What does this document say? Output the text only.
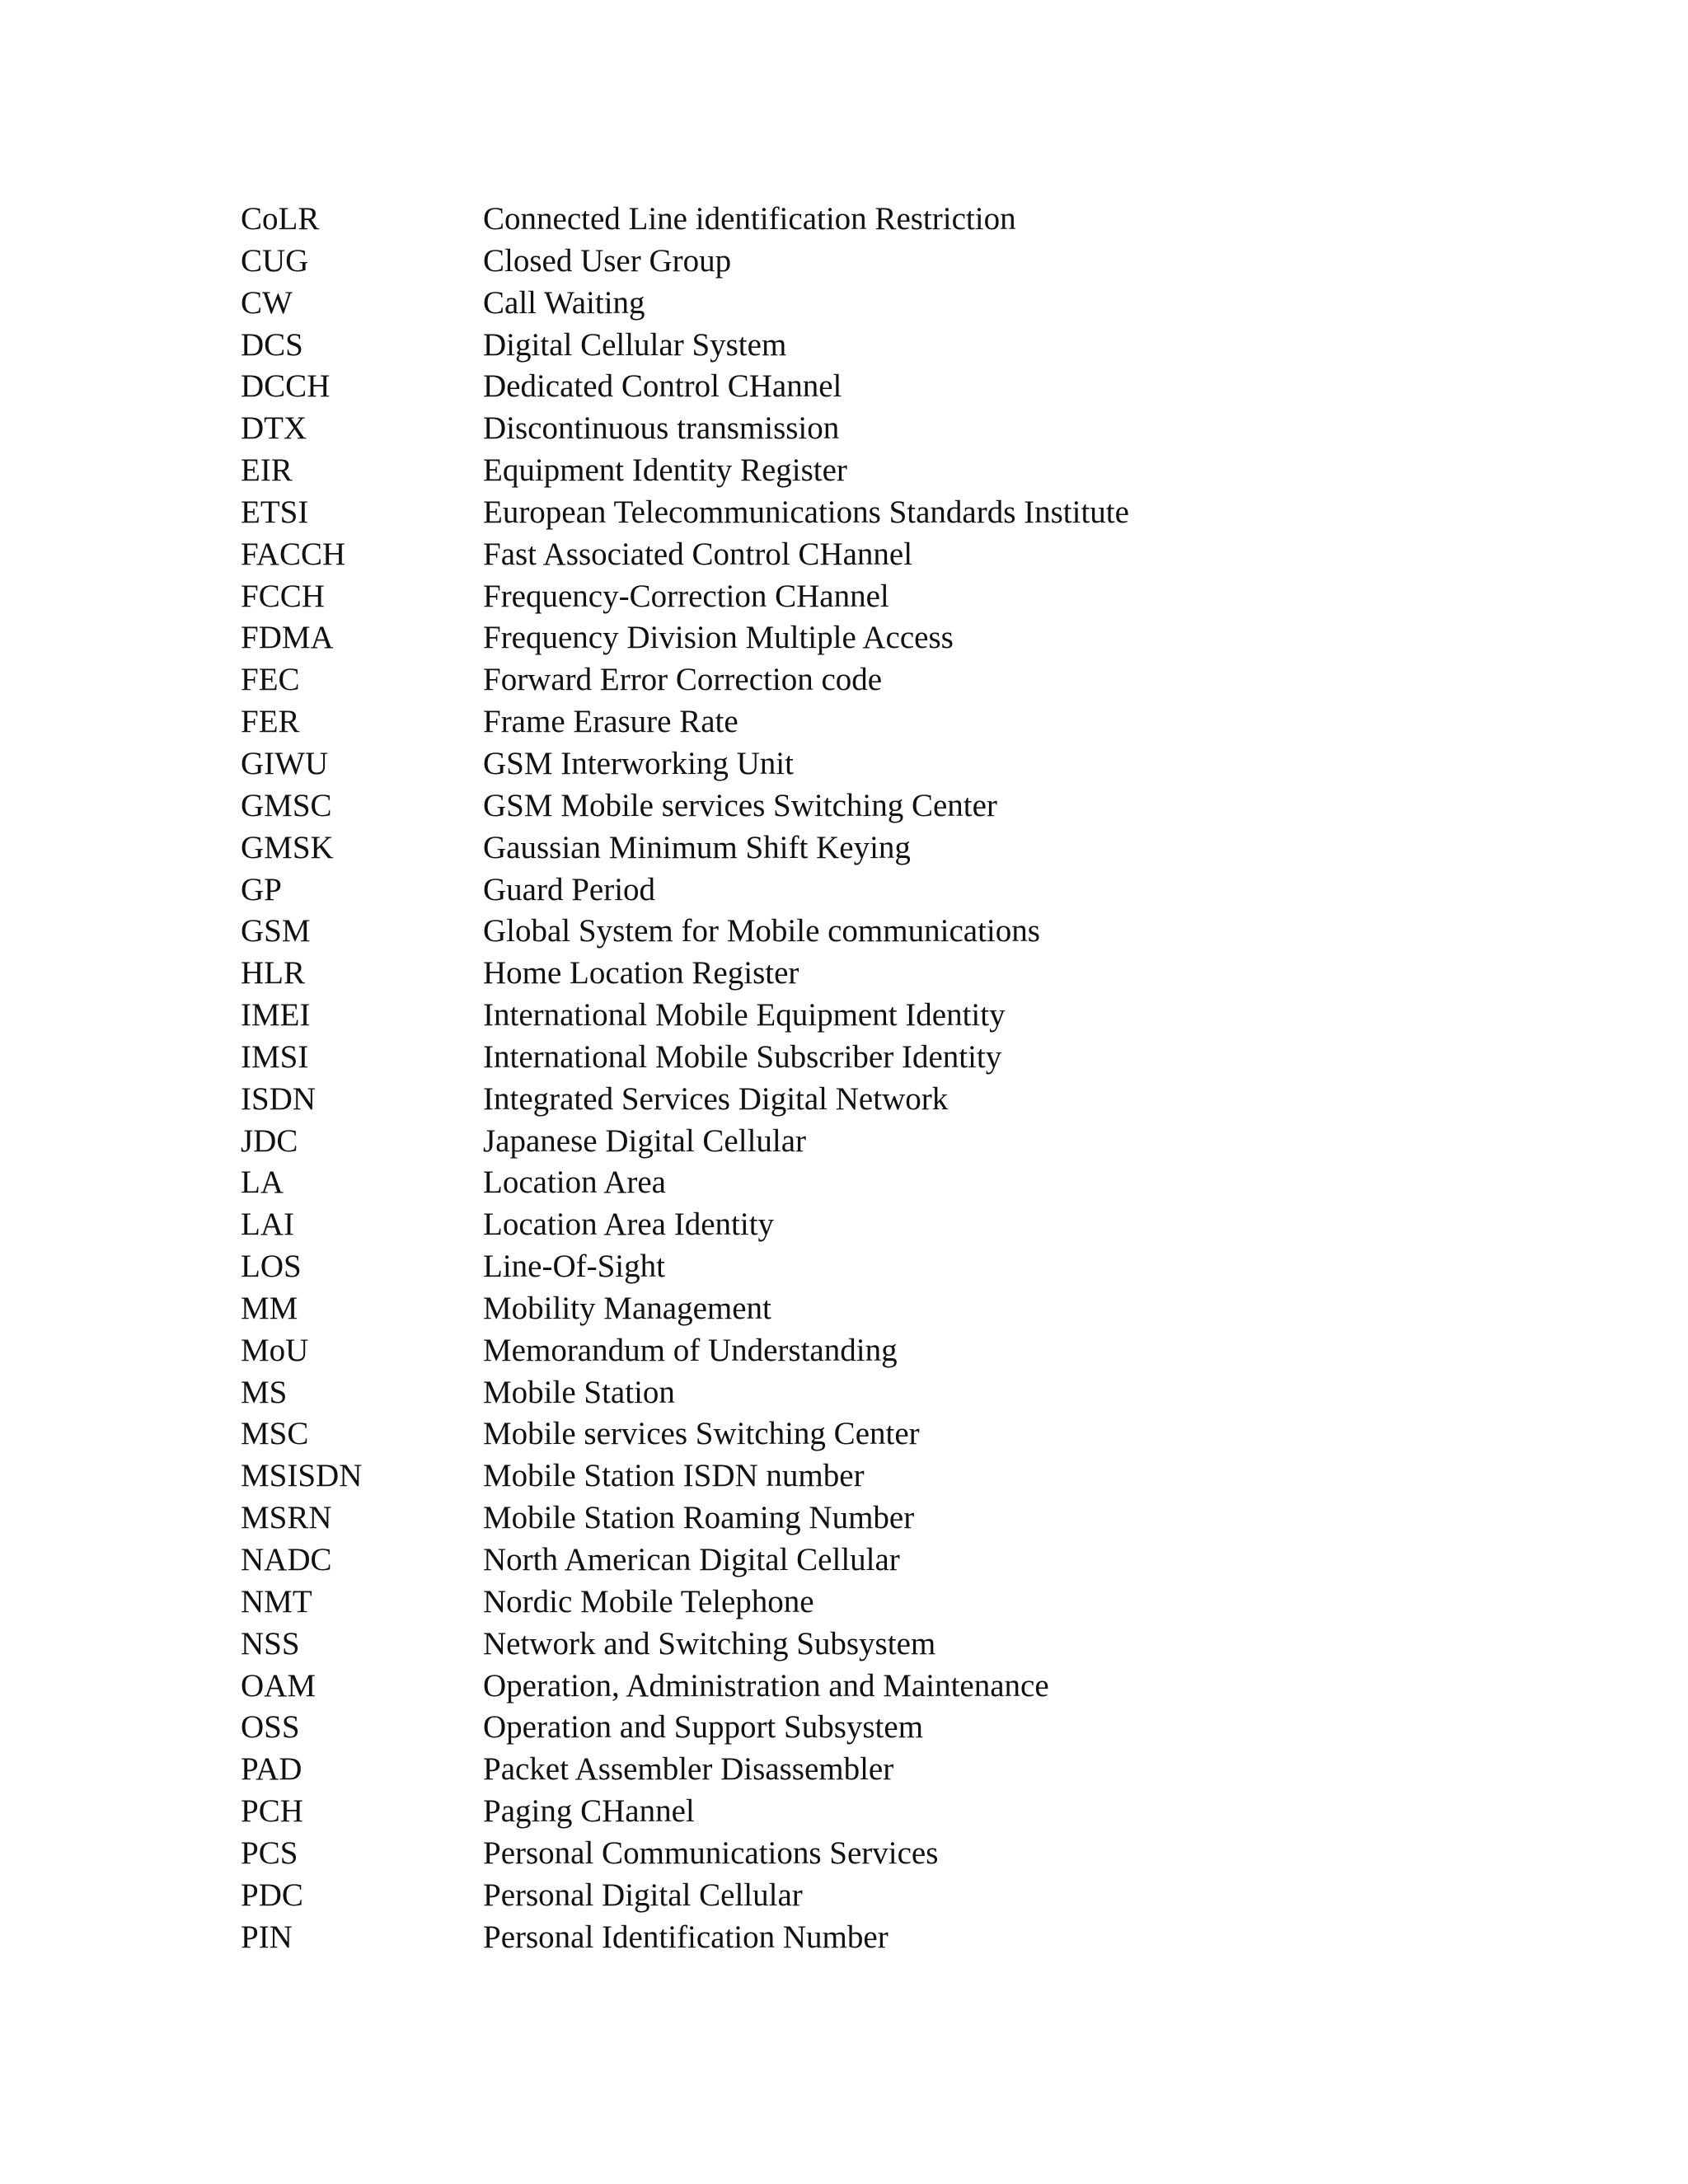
CoLR	Connected Line identification Restriction
CUG	Closed User Group
CW	Call Waiting
DCS	Digital Cellular System
DCCH	Dedicated Control CHannel
DTX	Discontinuous transmission
EIR	Equipment Identity Register
ETSI	European Telecommunications Standards Institute
FACCH	Fast Associated Control CHannel
FCCH	Frequency-Correction CHannel
FDMA	Frequency Division Multiple Access
FEC	Forward Error Correction code
FER	Frame Erasure Rate
GIWU	GSM Interworking Unit
GMSC	GSM Mobile services Switching Center
GMSK	Gaussian Minimum Shift Keying
GP	Guard Period
GSM	Global System for Mobile communications
HLR	Home Location Register
IMEI	International Mobile Equipment Identity
IMSI	International Mobile Subscriber Identity
ISDN	Integrated Services Digital Network
JDC	Japanese Digital Cellular
LA	Location Area
LAI	Location Area Identity
LOS	Line-Of-Sight
MM	Mobility Management
MoU	Memorandum of Understanding
MS	Mobile Station
MSC	Mobile services Switching Center
MSISDN	Mobile Station ISDN number
MSRN	Mobile Station Roaming Number
NADC	North American Digital Cellular
NMT	Nordic Mobile Telephone
NSS	Network and Switching Subsystem
OAM	Operation, Administration and Maintenance
OSS	Operation and Support Subsystem
PAD	Packet Assembler Disassembler
PCH	Paging CHannel
PCS	Personal Communications Services
PDC	Personal Digital Cellular
PIN	Personal Identification Number
